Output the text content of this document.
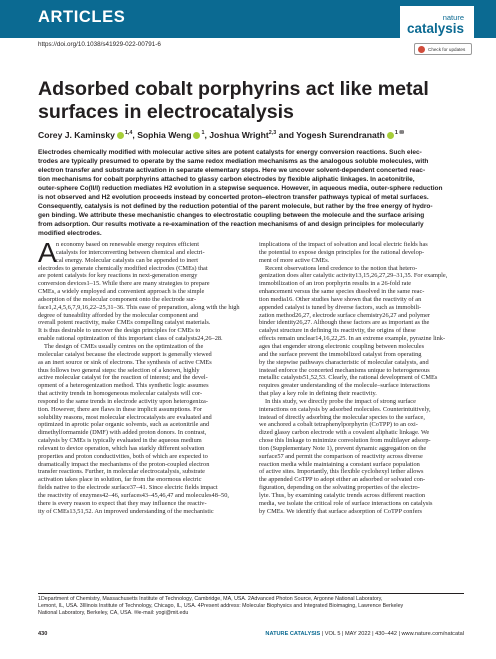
ARTICLES
https://doi.org/10.1038/s41929-022-00791-6
nature
catalysis
Check for updates
Adsorbed cobalt porphyrins act like metal surfaces in electrocatalysis
Corey J. Kaminsky $^{1,4}$, Sophia Weng $^1$, Joshua Wright$^{2,3}$ and Yogesh Surendranath $^{1 ✉}$
Electrodes chemically modified with molecular active sites are potent catalysts for energy conversion reactions. Such elec-
trodes are typically presumed to operate by the same redox mediation mechanisms as the analogous soluble molecules, with
electron transfer and substrate activation in separate elementary steps. Here we uncover solvent-dependent concerted reac-
tion mechanisms for cobalt porphyrins attached to glassy carbon electrodes by flexible aliphatic linkages. In acetonitrile,
outer-sphere Co(II/I) reduction mediates H2 evolution in a stepwise sequence. However, in aqueous media, outer-sphere reduction
is not observed and H2 evolution proceeds instead by concerted proton–electron transfer pathways typical of metal surfaces.
Consequently, catalysis is not defined by the reduction potential of the parent molecule, but rather by the free energy of hydro-
gen binding. We attribute these mechanistic changes to electrostatic coupling between the molecule and the surface arising
from adsorption. Our results motivate a re-examination of the reaction mechanisms of and design principles for molecularly
modified electrodes.
A n economy based on renewable energy requires efficient
catalysts for interconverting between chemical and electri-
cal energy. Molecular catalysts can be appended to inert
electrodes to generate chemically modified electrodes (CMEs) that
are potent catalysts for key reactions in next-generation energy
conversion devices1–15. While there are many strategies to prepare
CMEs, a widely employed and convenient approach is the simple
adsorption of the molecular component onto the electrode sur-
face1,2,4,5,6,7,9,16,22–25,31–36. This ease of preparation, along with the high
degree of tuneability afforded by the molecular component and
overall potent reactivity, make CMEs compelling catalyst materials.
It is thus desirable to uncover the design principles for CMEs to
enable rational optimization of this important class of catalysts24,26–28.
The design of CMEs usually centres on the optimization of the
molecular catalyst because the electrode support is generally viewed
as an inert source or sink of electrons. The synthesis of active CMEs
thus follows two general steps: the selection of a known, highly
active molecular catalyst for the reaction of interest; and the devel-
opment of a heterogenization method. This synthetic logic assumes
that activity trends in homogeneous molecular catalysts will cor-
respond to the same trends in electrode activity upon heterogeniza-
tion. However, there are flaws in these implicit assumptions. For
solubility reasons, most molecular electrocatalysts are evaluated and
optimized in aprotic polar organic solvents, such as acetonitrile and
dimethylformamide (DMF) with added proton donors. In contrast,
catalysis by CMEs is typically evaluated in the aqueous medium
relevant to device operation, which has starkly different solvation
properties and proton conductivities, both of which are expected to
dramatically impact the mechanisms of the proton-coupled electron
transfer reactions. Further, in molecular electrocatalysis, substrate
activation takes place in solution, far from the enormous electric
fields native to the electrode surface37–41. Since electric fields impact
the reactivity of enzymes42–46, surfaces43–45,46,47 and molecules48–50,
there is every reason to expect that they may influence the reactiv-
ity of CMEs13,51,52. An improved understanding of the mechanistic
implications of the impact of solvation and local electric fields has
the potential to expose design principles for the rational develop-
ment of more active CMEs.
Recent observations lend credence to the notion that hetero-
genization does alter catalytic activity13,15,26,27,29–31,35. For example,
immobilization of an iron porphyrin results in a 26-fold rate
enhancement versus the same species dissolved in the same reac-
tion media16. Other studies have shown that the reactivity of an
appended catalyst is tuned by diverse factors, such as immobili-
zation method26,27, electrode surface chemistry26,27 and polymer
binder identity26,27. Although these factors are as important as the
catalyst structure in defining its reactivity, the origins of these
effects remain unclear14,16,22,25. In an extreme example, pyrazine link-
ages that engender strong electronic coupling between molecules
and the surface prevent the immobilized catalyst from operating
by the stepwise pathways characteristic of molecular catalysts, and
instead enforce the concerted mechanisms unique to heterogeneous
metallic catalysts51,52,53. Clearly, the rational development of CMEs
requires greater understanding of the molecule–surface interactions
that play a key role in defining their reactivity.
In this study, we directly probe the impact of strong surface
interactions on catalysis by adsorbed molecules. Counterintuitively,
instead of directly adsorbing the molecular species to the surface,
we anchored a cobalt tetraphenylporphyrin (CoTPP) to an oxi-
dized glassy carbon electrode with a covalent aliphatic linkage. We
chose this linkage to minimize convolution from multilayer adsorp-
tion (Supplementary Note 1), prevent dynamic aggregation on the
surface57 and permit the comparison of reactivity across diverse
reaction media while maintaining a constant surface population
of active sites. Importantly, this flexible cyclohexyl tether allows
the appended CoTPP to adopt either an adsorbed or solvated con-
figuration, depending on the solvating properties of the electro-
lyte. Thus, by examining catalytic trends across different reaction
media, we isolate the critical role of surface interactions on catalysis
by CMEs. We identify that surface adsorption of CoTPP confers
1Department of Chemistry, Massachusetts Institute of Technology, Cambridge, MA, USA. 2Advanced Photon Source, Argonne National Laboratory,
Lemont, IL, USA. 3Illinois Institute of Technology, Chicago, IL, USA. 4Present address: Molecular Biophysics and Integrated Bioimaging, Lawrence Berkeley
National Laboratory, Berkeley, CA, USA. ✉e-mail: yogi@mit.edu
430	NATURE CATALYSIS | VOL 5 | MAY 2022 | 430–442 | www.nature.com/natcatal
